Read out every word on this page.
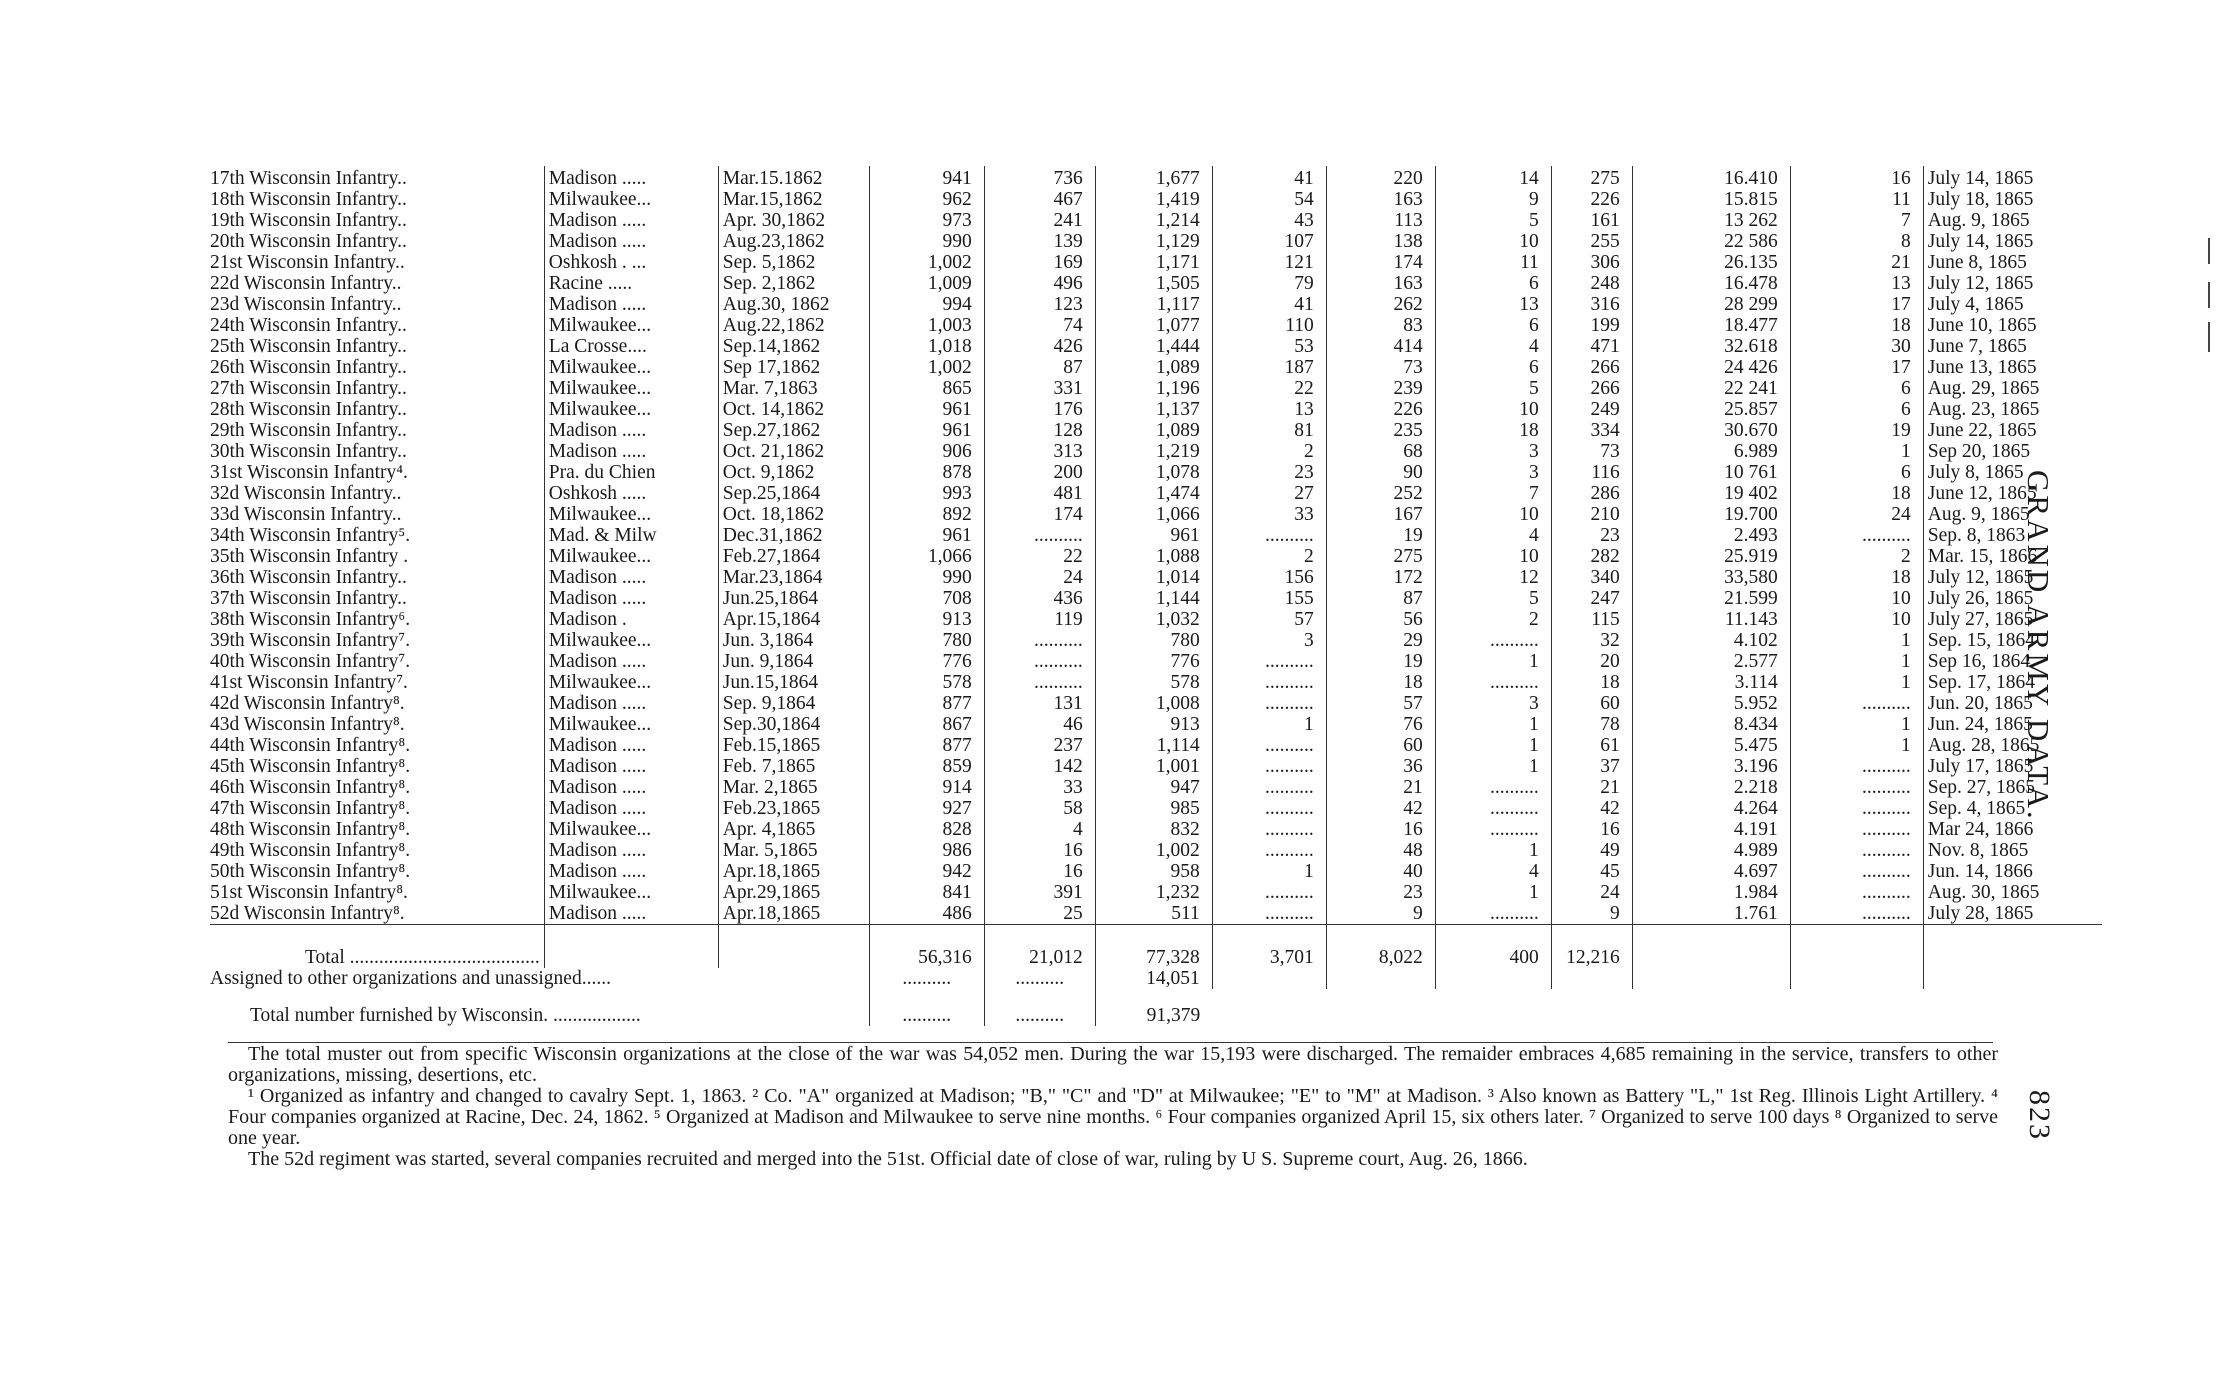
17th Wisconsin Infantry..	Madison .....	Mar.15.1862	941	736	1,677	41	220	14	275	16.410	16	July 14, 1865
18th Wisconsin Infantry..	Milwaukee...	Mar.15,1862	962	467	1,419	54	163	9	226	15.815	11	July 18, 1865
19th Wisconsin Infantry..	Madison .....	Apr. 30,1862	973	241	1,214	43	113	5	161	13 262	7	Aug. 9, 1865
20th Wisconsin Infantry..	Madison .....	Aug.23,1862	990	139	1,129	107	138	10	255	22 586	8	July 14, 1865
21st Wisconsin Infantry..	Oshkosh . ...	Sep. 5,1862	1,002	169	1,171	121	174	11	306	26.135	21	June 8, 1865
22d Wisconsin Infantry..	Racine .....	Sep. 2,1862	1,009	496	1,505	79	163	6	248	16.478	13	July 12, 1865
23d Wisconsin Infantry..	Madison .....	Aug.30, 1862	994	123	1,117	41	262	13	316	28 299	17	July 4, 1865
24th Wisconsin Infantry..	Milwaukee...	Aug.22,1862	1,003	74	1,077	110	83	6	199	18.477	18	June 10, 1865
25th Wisconsin Infantry..	La Crosse....	Sep.14,1862	1,018	426	1,444	53	414	4	471	32.618	30	June 7, 1865
26th Wisconsin Infantry..	Milwaukee...	Sep 17,1862	1,002	87	1,089	187	73	6	266	24 426	17	June 13, 1865
27th Wisconsin Infantry..	Milwaukee...	Mar. 7,1863	865	331	1,196	22	239	5	266	22 241	6	Aug. 29, 1865
28th Wisconsin Infantry..	Milwaukee...	Oct. 14,1862	961	176	1,137	13	226	10	249	25.857	6	Aug. 23, 1865
29th Wisconsin Infantry..	Madison .....	Sep.27,1862	961	128	1,089	81	235	18	334	30.670	19	June 22, 1865
30th Wisconsin Infantry..	Madison .....	Oct. 21,1862	906	313	1,219	2	68	3	73	6.989	1	Sep 20, 1865
31st Wisconsin Infantry⁴.	Pra. du Chien	Oct. 9,1862	878	200	1,078	23	90	3	116	10 761	6	July 8, 1865
32d Wisconsin Infantry..	Oshkosh .....	Sep.25,1864	993	481	1,474	27	252	7	286	19 402	18	June 12, 1865
33d Wisconsin Infantry..	Milwaukee...	Oct. 18,1862	892	174	1,066	33	167	10	210	19.700	24	Aug. 9, 1865
34th Wisconsin Infantry⁵.	Mad. & Milw	Dec.31,1862	961	..........	961	..........	19	4	23	2.493	..........	Sep. 8, 1863
35th Wisconsin Infantry .	Milwaukee...	Feb.27,1864	1,066	22	1,088	2	275	10	282	25.919	2	Mar. 15, 1866
36th Wisconsin Infantry..	Madison .....	Mar.23,1864	990	24	1,014	156	172	12	340	33,580	18	July 12, 1865
37th Wisconsin Infantry..	Madison .....	Jun.25,1864	708	436	1,144	155	87	5	247	21.599	10	July 26, 1865
38th Wisconsin Infantry⁶.	Madison .	Apr.15,1864	913	119	1,032	57	56	2	115	11.143	10	July 27, 1865
39th Wisconsin Infantry⁷.	Milwaukee...	Jun. 3,1864	780	..........	780	3	29	..........	32	4.102	1	Sep. 15, 1864
40th Wisconsin Infantry⁷.	Madison .....	Jun. 9,1864	776	..........	776	..........	19	1	20	2.577	1	Sep 16, 1864
41st Wisconsin Infantry⁷.	Milwaukee...	Jun.15,1864	578	..........	578	..........	18	..........	18	3.114	1	Sep. 17, 1864
42d Wisconsin Infantry⁸.	Madison .....	Sep. 9,1864	877	131	1,008	..........	57	3	60	5.952	..........	Jun. 20, 1865
43d Wisconsin Infantry⁸.	Milwaukee...	Sep.30,1864	867	46	913	1	76	1	78	8.434	1	Jun. 24, 1865
44th Wisconsin Infantry⁸.	Madison .....	Feb.15,1865	877	237	1,114	..........	60	1	61	5.475	1	Aug. 28, 1865
45th Wisconsin Infantry⁸.	Madison .....	Feb. 7,1865	859	142	1,001	..........	36	1	37	3.196	..........	July 17, 1865
46th Wisconsin Infantry⁸.	Madison .....	Mar. 2,1865	914	33	947	..........	21	..........	21	2.218	..........	Sep. 27, 1865
47th Wisconsin Infantry⁸.	Madison .....	Feb.23,1865	927	58	985	..........	42	..........	42	4.264	..........	Sep. 4, 1865
48th Wisconsin Infantry⁸.	Milwaukee...	Apr. 4,1865	828	4	832	..........	16	..........	16	4.191	..........	Mar 24, 1866
49th Wisconsin Infantry⁸.	Madison .....	Mar. 5,1865	986	16	1,002	..........	48	1	49	4.989	..........	Nov. 8, 1865
50th Wisconsin Infantry⁸.	Madison .....	Apr.18,1865	942	16	958	1	40	4	45	4.697	..........	Jun. 14, 1866
51st Wisconsin Infantry⁸.	Milwaukee...	Apr.29,1865	841	391	1,232	..........	23	1	24	1.984	..........	Aug. 30, 1865
52d Wisconsin Infantry⁸.	Madison .....	Apr.18,1865	486	25	511	..........	9	..........	9	1.761	..........	July 28, 1865
Total .......................................			56,316	21,012	77,328	3,701	8,022	400	12,216			
Assigned to other organizations and unassigned......			..........	..........	14,051							
Total number furnished by Wisconsin. ..................			..........	..........	91,379							

The total muster out from specific Wisconsin organizations at the close of the war was 54,052 men. During the war 15,193 were discharged. The remaider embraces 4,685 remaining in the service, transfers to other organizations, missing, desertions, etc.

¹ Organized as infantry and changed to cavalry Sept. 1, 1863. ² Co. "A" organized at Madison; "B," "C" and "D" at Milwaukee; "E" to "M" at Madison. ³ Also known as Battery "L," 1st Reg. Illinois Light Artillery. ⁴ Four companies organized at Racine, Dec. 24, 1862. ⁵ Organized at Madison and Milwaukee to serve nine months. ⁶ Four companies organized April 15, six others later. ⁷ Organized to serve 100 days ⁸ Organized to serve one year.

The 52d regiment was started, several companies recruited and merged into the 51st. Official date of close of war, ruling by U S. Supreme court, Aug. 26, 1866.

GRAND ARMY DATA.
823
